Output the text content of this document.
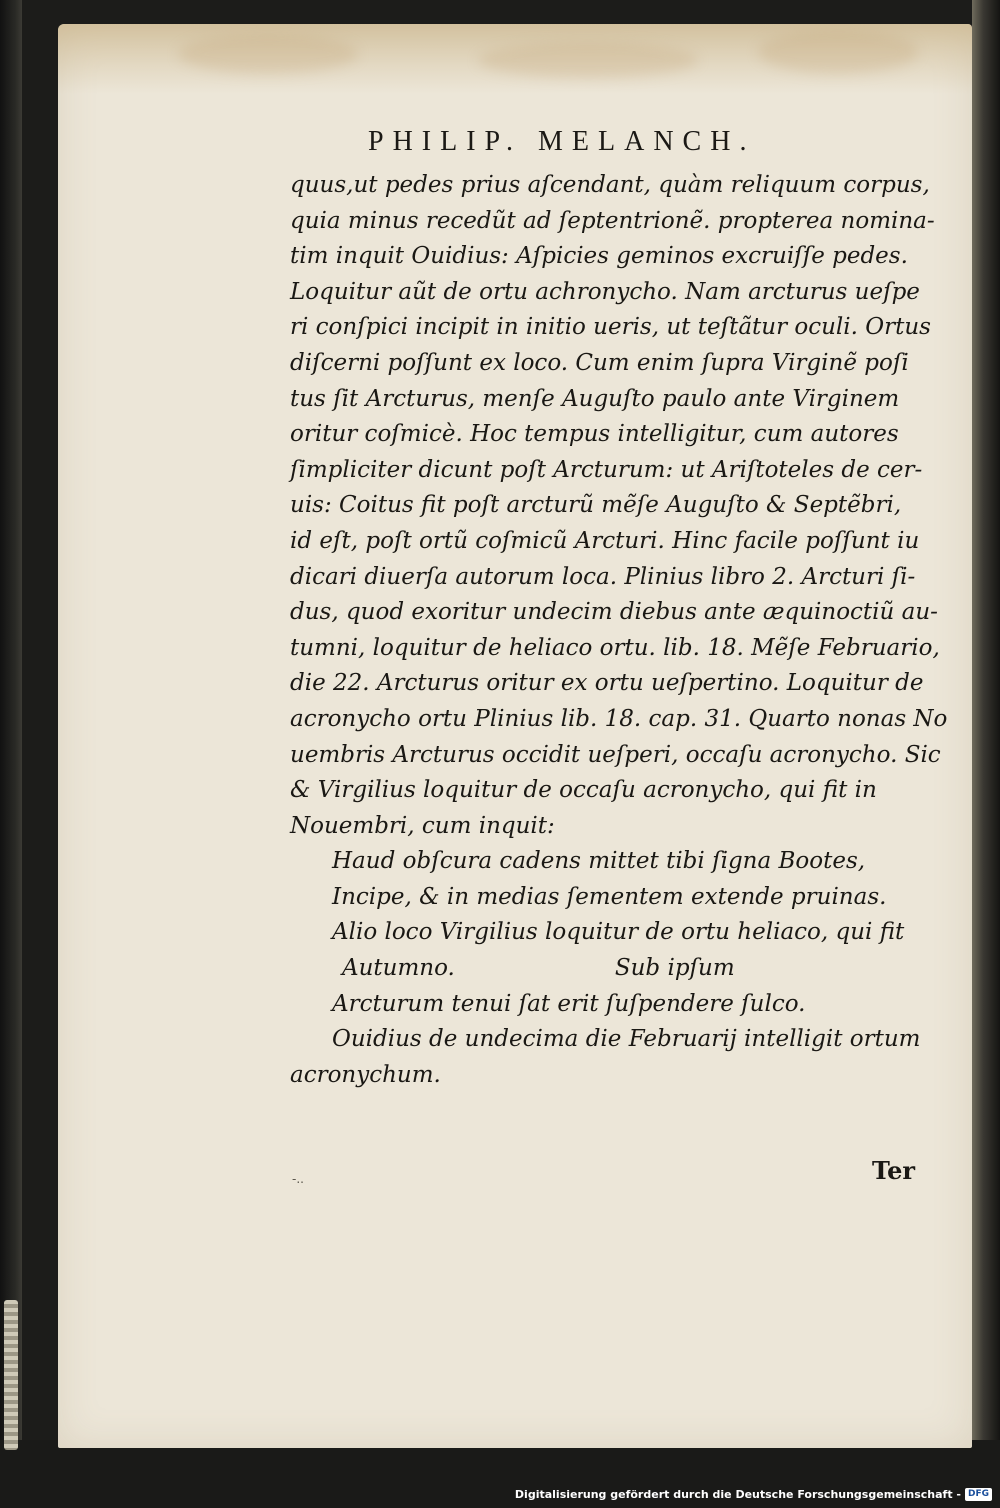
PHILIP. MELANCH.
quus,ut pedes prius aſcendant, quàm reliquum corpus,
quia minus recedũt ad ſeptentrionẽ. propterea nomina-
tim inquit Ouidius: Aſpicies geminos excruiſſe pedes.
Loquitur aũt de ortu achronycho. Nam arcturus ueſpe
ri conſpici incipit in initio ueris, ut teſtãtur oculi. Ortus
diſcerni poſſunt ex loco. Cum enim ſupra Virginẽ poſi
tus ſit Arcturus, menſe Auguſto paulo ante Virginem
oritur coſmicè. Hoc tempus intelligitur, cum autores
ſimpliciter dicunt poſt Arcturum: ut Ariſtoteles de cer-
uis: Coitus fit poſt arcturũ mẽſe Auguſto & Septẽbri,
id eſt, poſt ortũ coſmicũ Arcturi. Hinc facile poſſunt iu
dicari diuerſa autorum loca. Plinius libro 2. Arcturi ſi-
dus, quod exoritur undecim diebus ante æquinoctiũ au-
tumni, loquitur de heliaco ortu. lib. 18. Mẽſe Februario,
die 22. Arcturus oritur ex ortu ueſpertino. Loquitur de
acronycho ortu Plinius lib. 18. cap. 31. Quarto nonas No
uembris Arcturus occidit ueſperi, occaſu acronycho. Sic
& Virgilius loquitur de occaſu acronycho, qui fit in
Nouembri, cum inquit:
Haud obſcura cadens mittet tibi ſigna Bootes,
Incipe, & in medias ſementem extende pruinas.
Alio loco Virgilius loquitur de ortu heliaco, qui fit
Autumno.	Sub ipſum
Arcturum tenui ſat erit ſuſpendere ſulco.
Ouidius de undecima die Februarij intelligit ortum
acronychum.
-..	Ter
Digitalisierung gefördert durch die Deutsche Forschungsgemeinschaft - DFG
